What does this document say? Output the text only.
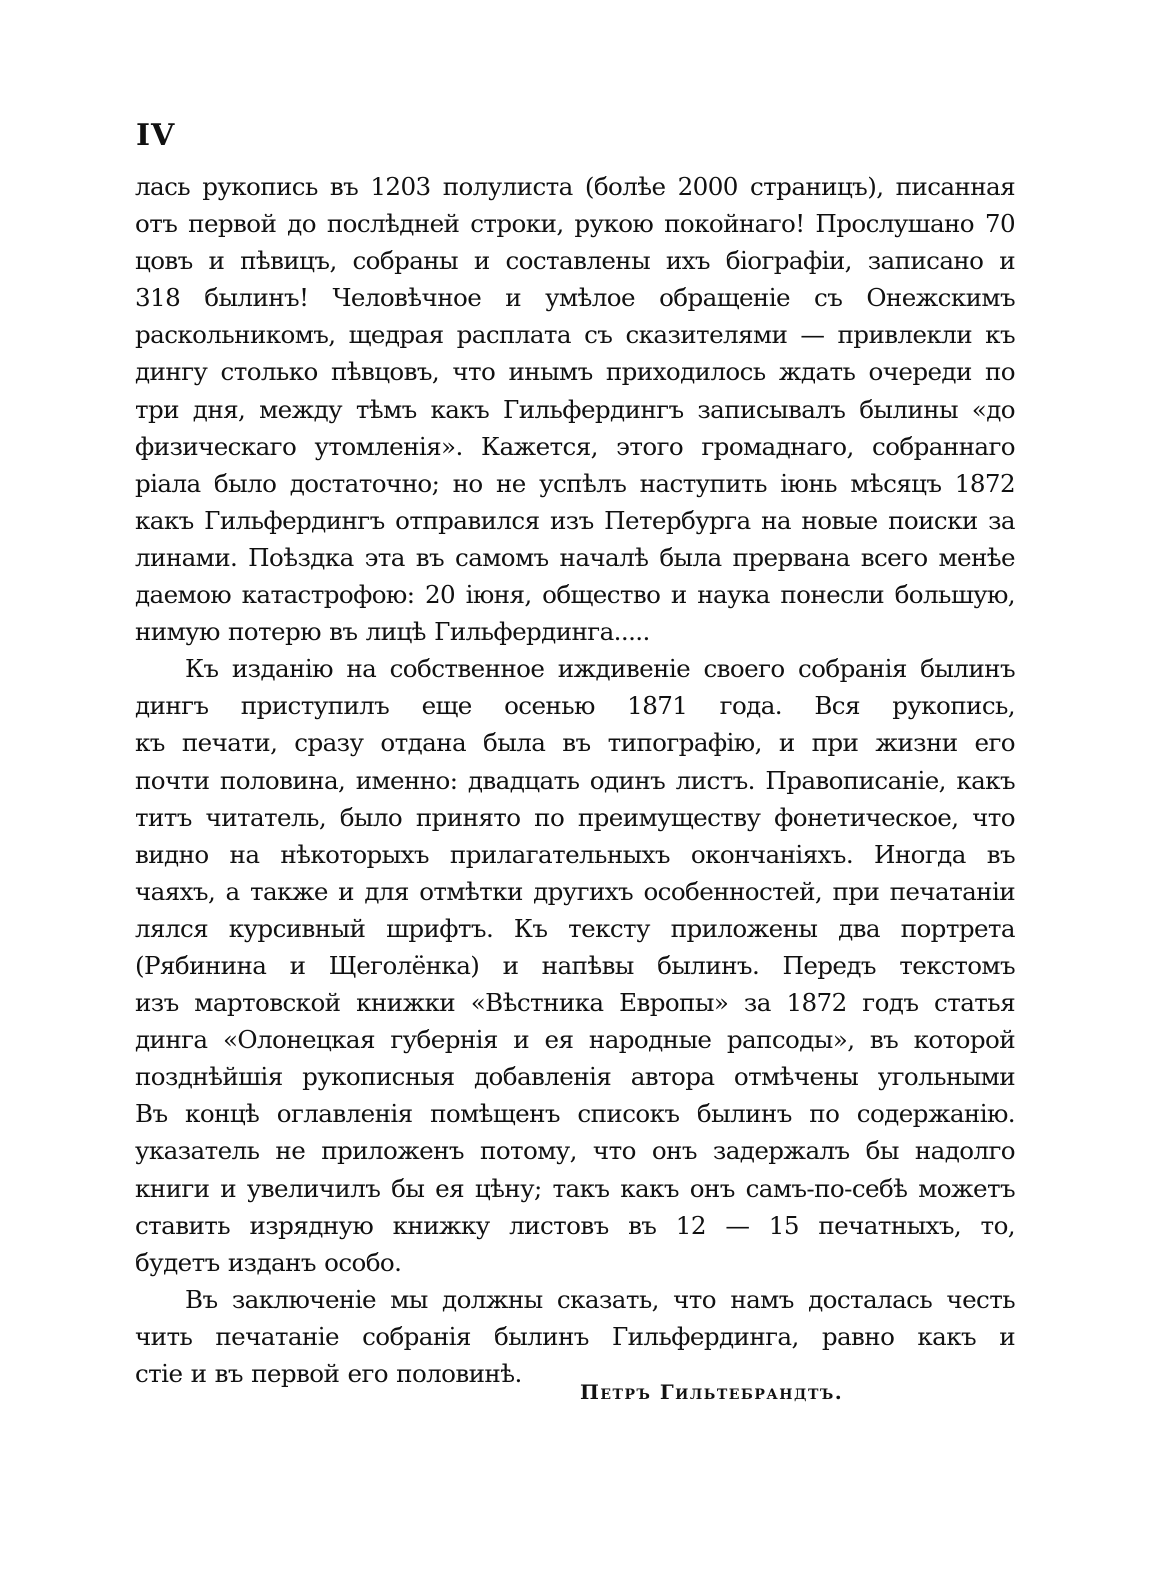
IV
лась рукопись въ 1203 полулиста (болѣе 2000 страницъ), писанная
отъ первой до послѣдней строки, рукою покойнаго! Прослушано 70
цовъ и пѣвицъ, собраны и составлены ихъ біографіи, записано и
318 былинъ! Человѣчное и умѣлое обращеніе съ Онежскимъ
раскольникомъ, щедрая расплата съ сказителями — привлекли къ
дингу столько пѣвцовъ, что инымъ приходилось ждать очереди по
три дня, между тѣмъ какъ Гильфердингъ записывалъ былины «до
физическаго утомленія». Кажется, этого громаднаго, собраннаго
ріала было достаточно; но не успѣлъ наступить іюнь мѣсяцъ 1872
какъ Гильфердингъ отправился изъ Петербурга на новые поиски за
линами. Поѣздка эта въ самомъ началѣ была прервана всего менѣе
даемою катастрофою: 20 іюня, общество и наука понесли большую,
нимую потерю въ лицѣ Гильфердинга.....
Къ изданію на собственное иждивеніе своего собранія былинъ
дингъ приступилъ еще осенью 1871 года. Вся рукопись,
къ печати, сразу отдана была въ типографію, и при жизни его
почти половина, именно: двадцать одинъ листъ. Правописаніе, какъ
титъ читатель, было принято по преимуществу фонетическое, что
видно на нѣкоторыхъ прилагательныхъ окончаніяхъ. Иногда въ
чаяхъ, а также и для отмѣтки другихъ особенностей, при печатаніи
лялся курсивный шрифтъ. Къ тексту приложены два портрета
(Рябинина и Щеголёнка) и напѣвы былинъ. Передъ текстомъ
изъ мартовской книжки «Вѣстника Европы» за 1872 годъ статья
динга «Олонецкая губернія и ея народные рапсоды», въ которой
позднѣйшія рукописныя добавленія автора отмѣчены угольными
Въ концѣ оглавленія помѣщенъ списокъ былинъ по содержанію.
указатель не приложенъ потому, что онъ задержалъ бы надолго
книги и увеличилъ бы ея цѣну; такъ какъ онъ самъ-по-себѣ можетъ
ставить изрядную книжку листовъ въ 12 — 15 печатныхъ, то,
будетъ изданъ особо.
Въ заключеніе мы должны сказать, что намъ досталась честь
чить печатаніе собранія былинъ Гильфердинга, равно какъ и
стіе и въ первой его половинѣ.
Петръ Гильтебрандтъ.
